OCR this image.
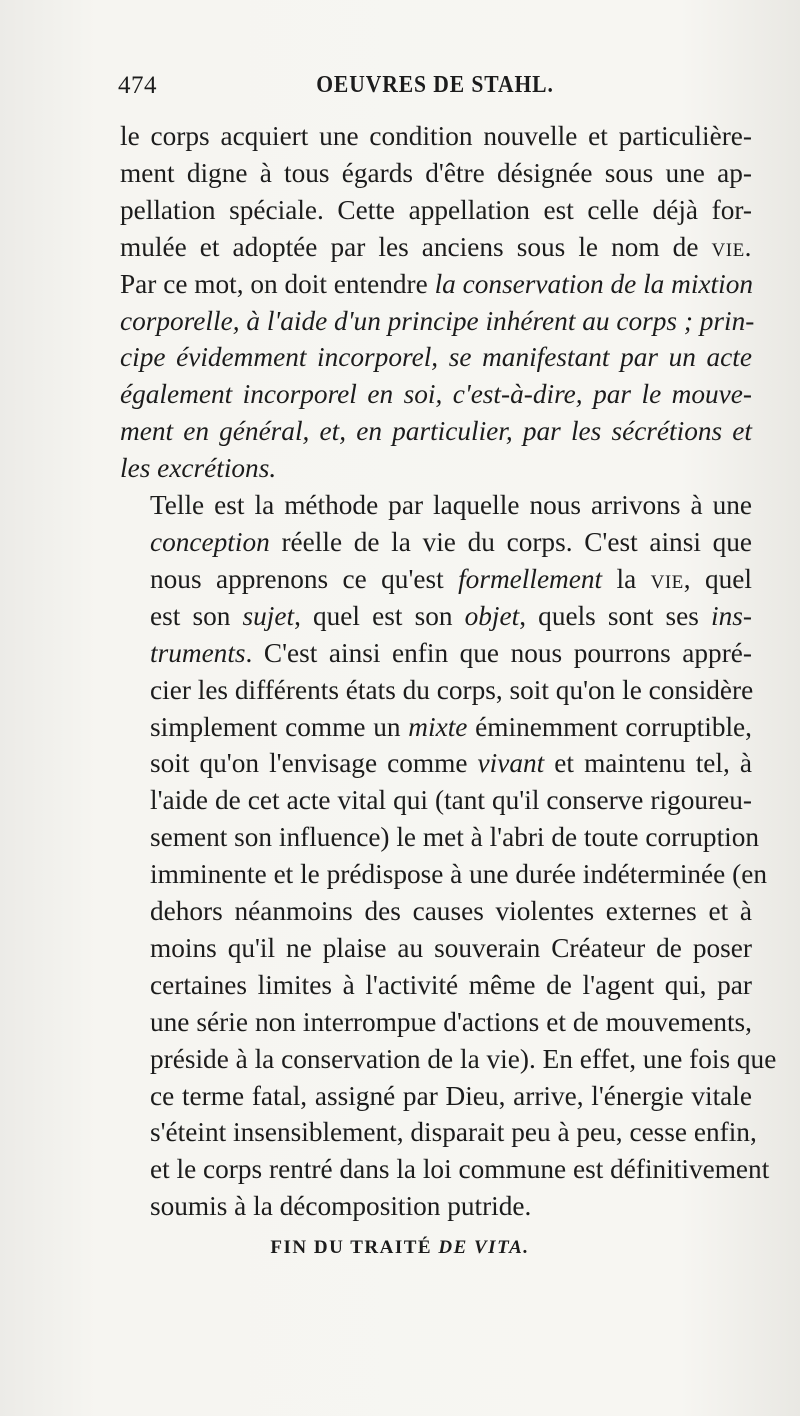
474	OEUVRES DE STAHL.

le corps acquiert une condition nouvelle et particulière-
ment digne à tous égards d'être désignée sous une ap-
pellation spéciale. Cette appellation est celle déjà for-
mulée et adoptée par les anciens sous le nom de vie.
Par ce mot, on doit entendre la conservation de la mixtion
corporelle, à l'aide d'un principe inhérent au corps ; prin-
cipe évidemment incorporel, se manifestant par un acte
également incorporel en soi, c'est-à-dire, par le mouve-
ment en général, et, en particulier, par les sécrétions et
les excrétions.

Telle est la méthode par laquelle nous arrivons à une
conception réelle de la vie du corps. C'est ainsi que
nous apprenons ce qu'est formellement la vie, quel
est son sujet, quel est son objet, quels sont ses ins-
truments. C'est ainsi enfin que nous pourrons appré-
cier les différents états du corps, soit qu'on le considère
simplement comme un mixte éminemment corruptible,
soit qu'on l'envisage comme vivant et maintenu tel, à
l'aide de cet acte vital qui (tant qu'il conserve rigoureu-
sement son influence) le met à l'abri de toute corruption
imminente et le prédispose à une durée indéterminée (en
dehors néanmoins des causes violentes externes et à
moins qu'il ne plaise au souverain Créateur de poser
certaines limites à l'activité même de l'agent qui, par
une série non interrompue d'actions et de mouvements,
préside à la conservation de la vie). En effet, une fois que
ce terme fatal, assigné par Dieu, arrive, l'énergie vitale
s'éteint insensiblement, disparait peu à peu, cesse enfin,
et le corps rentré dans la loi commune est définitivement
soumis à la décomposition putride.

FIN DU TRAITÉ DE VITA.
